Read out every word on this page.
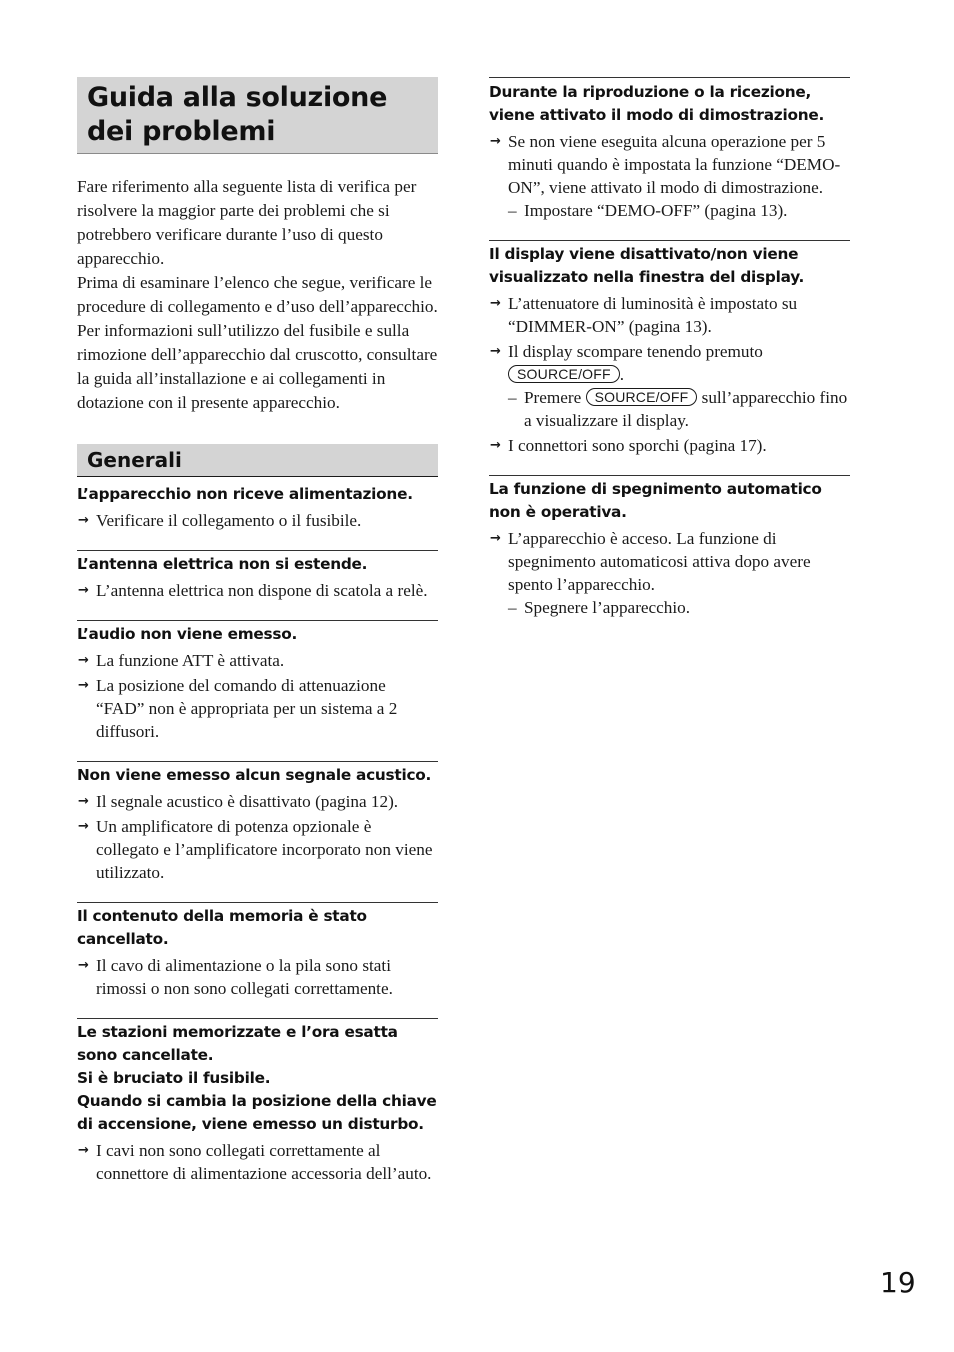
Guida alla soluzione dei problemi

Fare riferimento alla seguente lista di verifica per risolvere la maggior parte dei problemi che si potrebbero verificare durante l’uso di questo apparecchio.

Prima di esaminare l’elenco che segue, verificare le procedure di collegamento e d’uso dell’apparecchio.

Per informazioni sull’utilizzo del fusibile e sulla rimozione dell’apparecchio dal cruscotto, consultare la guida all’installazione e ai collegamenti in dotazione con il presente apparecchio.

Generali
L’apparecchio non riceve alimentazione.
→ Verificare il collegamento o il fusibile.
L’antenna elettrica non si estende.
→ L’antenna elettrica non dispone di scatola a relè.
L’audio non viene emesso.
→ La funzione ATT è attivata.
→ La posizione del comando di attenuazione “FAD” non è appropriata per un sistema a 2 diffusori.
Non viene emesso alcun segnale acustico.
→ Il segnale acustico è disattivato (pagina 12).
→ Un amplificatore di potenza opzionale è collegato e l’amplificatore incorporato non viene utilizzato.
Il contenuto della memoria è stato cancellato.
→ Il cavo di alimentazione o la pila sono stati rimossi o non sono collegati correttamente.
Le stazioni memorizzate e l’ora esatta sono cancellate.
Si è bruciato il fusibile.
Quando si cambia la posizione della chiave di accensione, viene emesso un disturbo.
→ I cavi non sono collegati correttamente al connettore di alimentazione accessoria dell’auto.
Durante la riproduzione o la ricezione, viene attivato il modo di dimostrazione.
→ Se non viene eseguita alcuna operazione per 5 minuti quando è impostata la funzione “DEMO-ON”, viene attivato il modo di dimostrazione.
– Impostare “DEMO-OFF” (pagina 13).
Il display viene disattivato/non viene visualizzato nella finestra del display.
→ L’attenuatore di luminosità è impostato su “DIMMER-ON” (pagina 13).
→ Il display scompare tenendo premuto
SOURCE/OFF .
– Premere SOURCE/OFF sull’apparecchio fino a visualizzare il display.
→ I connettori sono sporchi (pagina 17).
La funzione di spegnimento automatico non è operativa.
→ L’apparecchio è acceso. La funzione di spegnimento automaticosi attiva dopo avere spento l’apparecchio.
– Spegnere l’apparecchio.
19
